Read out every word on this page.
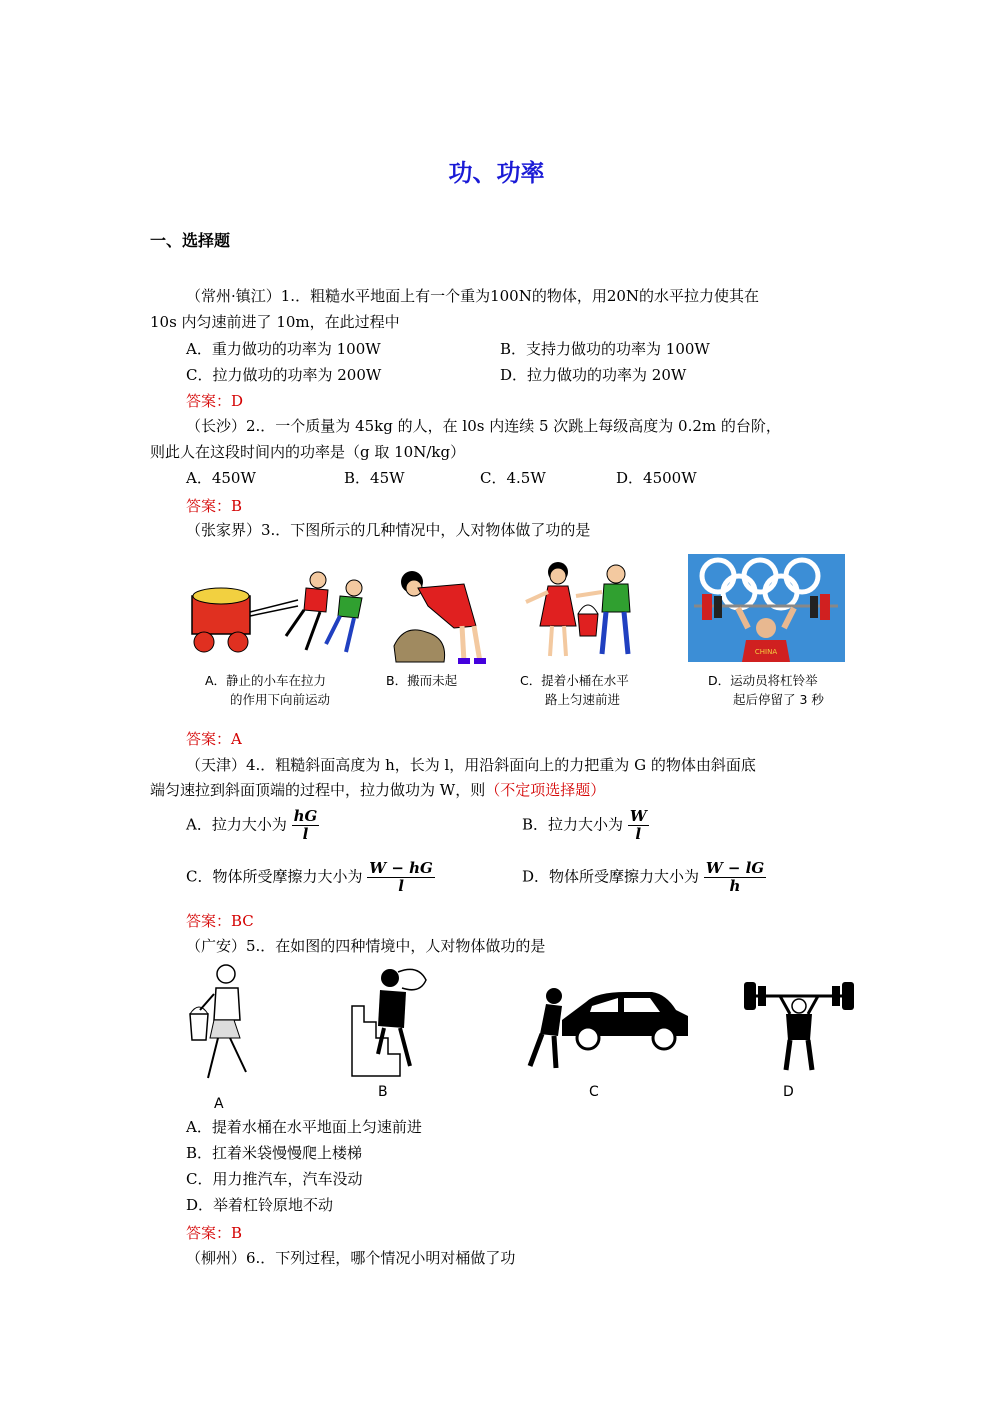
功、功率
一、选择题
（常州·镇江）1.．粗糙水平地面上有一个重为100N的物体，用20N的水平拉力使其在
10s 内匀速前进了 10m，在此过程中
A．重力做功的功率为 100W	B．支持力做功的功率为 100W
C．拉力做功的功率为 200W	D．拉力做功的功率为 20W
答案：D
（长沙）2.．一个质量为 45kg 的人，在 l0s 内连续 5 次跳上每级高度为 0.2m 的台阶，
则此人在这段时间内的功率是（g 取 10N/kg）
A．450W	B．45W	C．4.5W	D．4500W
答案：B
（张家界）3.．下图所示的几种情况中，人对物体做了功的是
CHINA
A．静止的小车在拉力
的作用下向前运动
B．搬而未起	C．提着小桶在水平
路上匀速前进
D．运动员将杠铃举
起后停留了 3 秒
答案：A
（天津）4.．粗糙斜面高度为 h，长为 l，用沿斜面向上的力把重为 G 的物体由斜面底
端匀速拉到斜面顶端的过程中，拉力做功为 W，则（不定项选择题）
A．拉力大小为 $\frac{hG}{l}$	B．拉力大小为 $\frac{W}{l}$
C．物体所受摩擦力大小为 $\frac{W - hG}{l}$	D．物体所受摩擦力大小为 $\frac{W - lG}{h}$
答案：BC
（广安）5.．在如图的四种情境中，人对物体做功的是
A
B	C	D
A．提着水桶在水平地面上匀速前进
B．扛着米袋慢慢爬上楼梯
C．用力推汽车，汽车没动
D．举着杠铃原地不动
答案：B
（柳州）6.．下列过程，哪个情况小明对桶做了功
